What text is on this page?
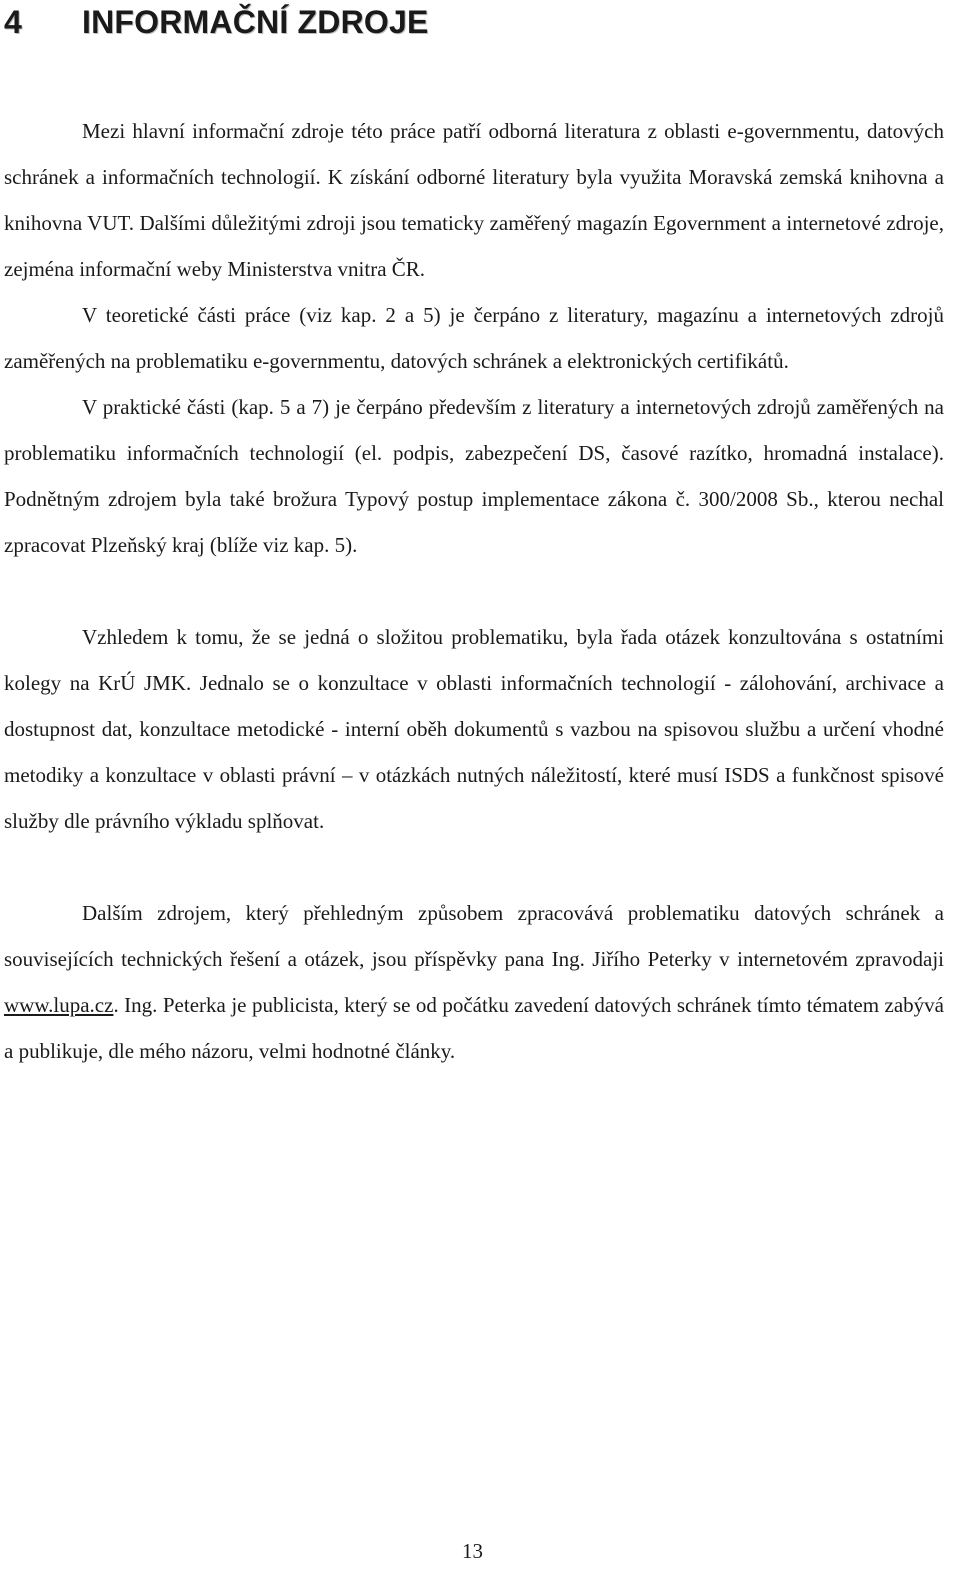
4 INFORMAČNÍ ZDROJE

Mezi hlavní informační zdroje této práce patří odborná literatura z oblasti e-governmentu, datových schránek a informačních technologií. K získání odborné literatury byla využita Moravská zemská knihovna a knihovna VUT. Dalšími důležitými zdroji jsou tematicky zaměřený magazín Egovernment a internetové zdroje, zejména informační weby Ministerstva vnitra ČR.

V teoretické části práce (viz kap. 2 a 5) je čerpáno z literatury, magazínu a internetových zdrojů zaměřených na problematiku e-governmentu, datových schránek a elektronických certifikátů.

V praktické části (kap. 5 a 7) je čerpáno především z literatury a internetových zdrojů zaměřených na problematiku informačních technologií (el. podpis, zabezpečení DS, časové razítko, hromadná instalace). Podnětným zdrojem byla také brožura Typový postup implementace zákona č. 300/2008 Sb., kterou nechal zpracovat Plzeňský kraj (blíže viz kap. 5).

Vzhledem k tomu, že se jedná o složitou problematiku, byla řada otázek konzultována s ostatními kolegy na KrÚ JMK. Jednalo se o konzultace v oblasti informačních technologií - zálohování, archivace a dostupnost dat, konzultace metodické - interní oběh dokumentů s vazbou na spisovou službu a určení vhodné metodiky a konzultace v oblasti právní – v otázkách nutných náležitostí, které musí ISDS a funkčnost spisové služby dle právního výkladu splňovat.

Dalším zdrojem, který přehledným způsobem zpracovává problematiku datových schránek a souvisejících technických řešení a otázek, jsou příspěvky pana Ing. Jiřího Peterky v internetovém zpravodaji www.lupa.cz. Ing. Peterka je publicista, který se od počátku zavedení datových schránek tímto tématem zabývá a publikuje, dle mého názoru, velmi hodnotné články.

13
